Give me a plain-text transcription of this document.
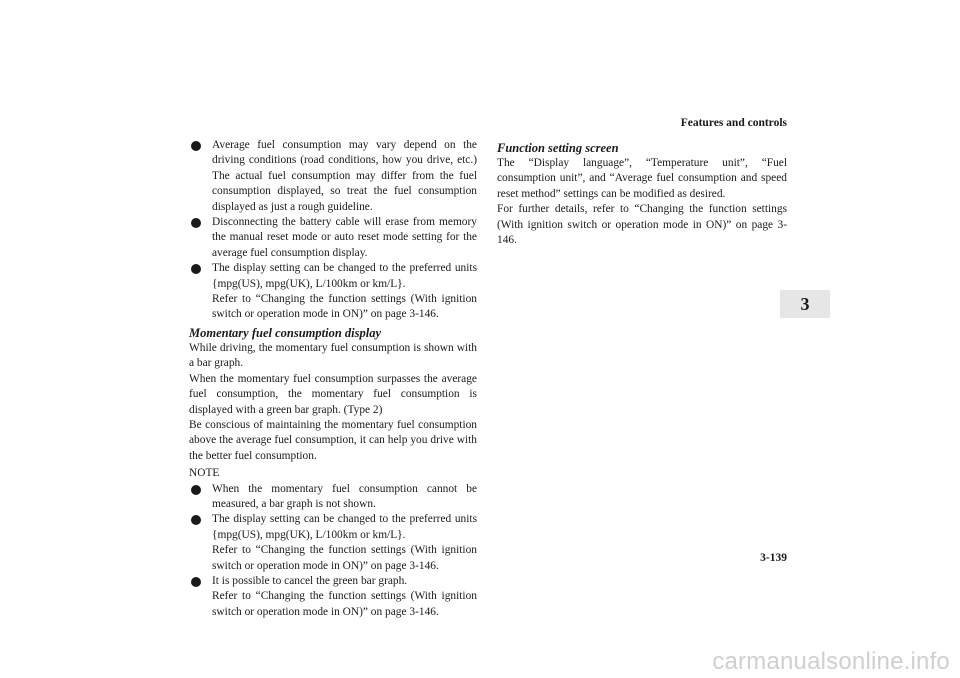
Features and controls
3
Average fuel consumption may vary depend on the driving conditions (road conditions, how you drive, etc.) The actual fuel consumption may differ from the fuel consumption displayed, so treat the fuel consumption displayed as just a rough guideline.
Disconnecting the battery cable will erase from memory the manual reset mode or auto reset mode setting for the average fuel consumption display.
The display setting can be changed to the preferred units {mpg(US), mpg(UK), L/100km or km/L}.
Refer to “Changing the function settings (With ignition switch or operation mode in ON)” on page 3-146.
Momentary fuel consumption display
While driving, the momentary fuel consumption is shown with a bar graph.
When the momentary fuel consumption surpasses the average fuel consumption, the momentary fuel consumption is displayed with a green bar graph. (Type 2)
Be conscious of maintaining the momentary fuel consumption above the average fuel consumption, it can help you drive with the better fuel consumption.
NOTE
When the momentary fuel consumption cannot be measured, a bar graph is not shown.
The display setting can be changed to the preferred units {mpg(US), mpg(UK), L/100km or km/L}.
Refer to “Changing the function settings (With ignition switch or operation mode in ON)” on page 3-146.
It is possible to cancel the green bar graph.
Refer to “Changing the function settings (With ignition switch or operation mode in ON)” on page 3-146.
Function setting screen
The “Display language”, “Temperature unit”, “Fuel consumption unit”, and “Average fuel consumption and speed reset method” settings can be modified as desired.
For further details, refer to “Changing the function settings (With ignition switch or operation mode in ON)” on page 3-146.
3-139
carmanualsonline.info
